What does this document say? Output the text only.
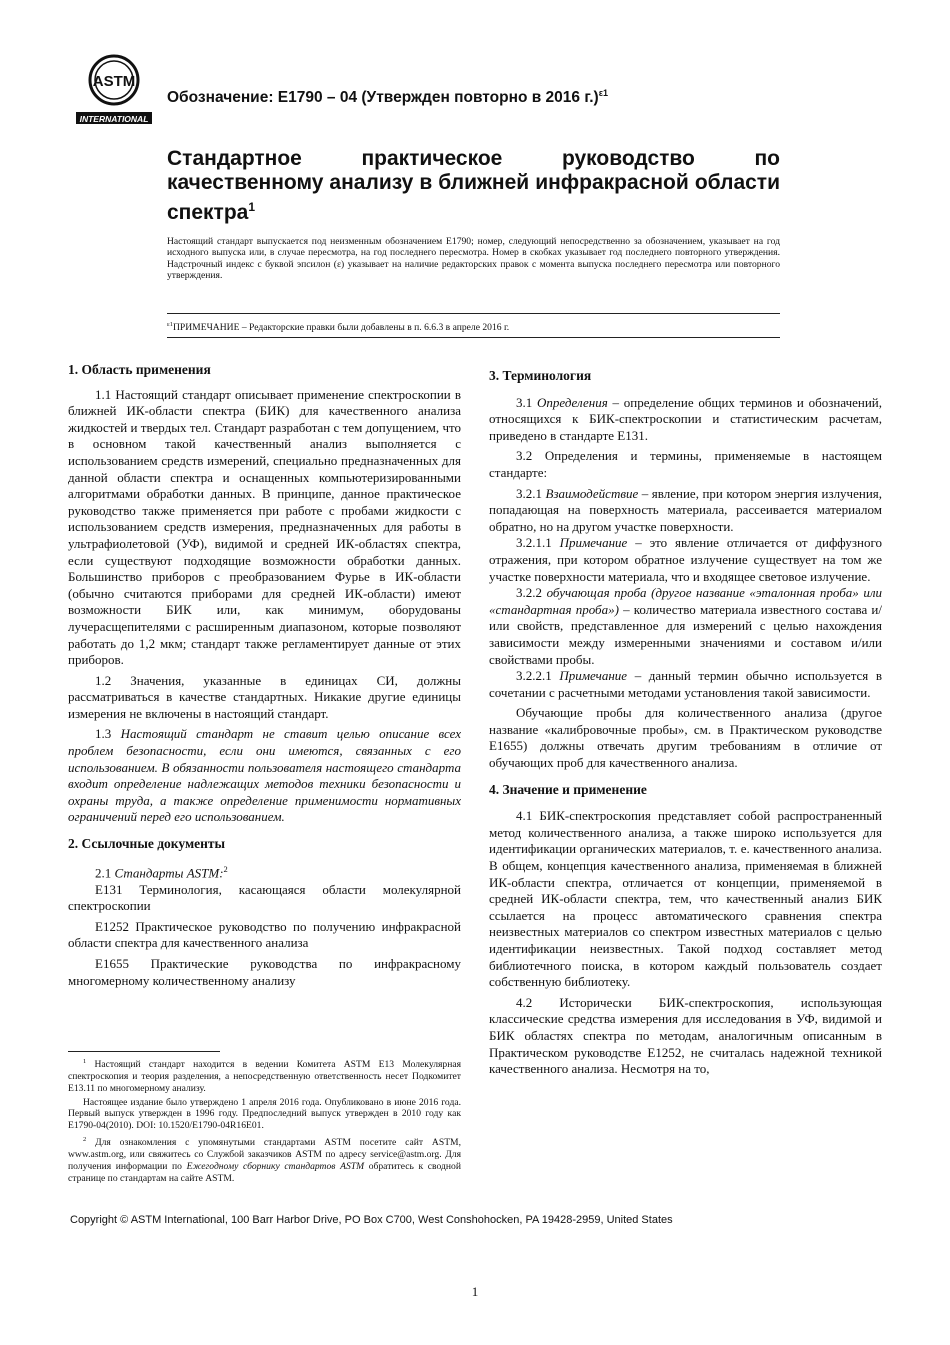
ASTM
INTERNATIONAL
Обозначение: E1790 – 04 (Утвержден повторно в 2016 г.)$^{\varepsilon 1}$
Стандартное практическое руководство по качественному анализу в ближней инфракрасной области спектра$^1$
Настоящий стандарт выпускается под неизменным обозначением E1790; номер, следующий непосредственно за обозначением, указывает на год исходного выпуска или, в случае пересмотра, на год последнего пересмотра. Номер в скобках указывает год последнего повторного утверждения. Надстрочный индекс с буквой эпсилон (ε) указывает на наличие редакторских правок с момента выпуска последнего пересмотра или повторного утверждения.
$^{\varepsilon 1}$ПРИМЕЧАНИЕ – Редакторские правки были добавлены в п. 6.6.3 в апреле 2016 г.
1. Область применения

1.1 Настоящий стандарт описывает применение спектроскопии в ближней ИК-области спектра (БИК) для качественного анализа жидкостей и твердых тел. Стандарт разработан с тем допущением, что в основном такой качественный анализ выполняется с использованием средств измерений, специально предназначенных для данной области спектра и оснащенных компьютеризированными алгоритмами обработки данных. В принципе, данное практическое руководство также применяется при работе с пробами жидкости с использованием средств измерения, предназначенных для работы в ультрафиолетовой (УФ), видимой и средней ИК-областях спектра, если существуют подходящие возможности обработки данных. Большинство приборов с преобразованием Фурье в ИК-области (обычно считаются приборами для средней ИК-области) имеют возможности БИК или, как минимум, оборудованы лучерасщепителями с расширенным диапазоном, которые позволяют работать до 1,2 мкм; стандарт также регламентирует данные от этих приборов.

1.2 Значения, указанные в единицах СИ, должны рассматриваться в качестве стандартных. Никакие другие единицы измерения не включены в настоящий стандарт.

1.3 Настоящий стандарт не ставит целью описание всех проблем безопасности, если они имеются, связанных с его использованием. В обязанности пользователя настоящего стандарта входит определение надлежащих методов техники безопасности и охраны труда, а также определение применимости нормативных ограничений перед его использованием.

2. Ссылочные документы

2.1 Стандарты ASTM:$^2$

E131 Терминология, касающаяся области молекулярной спектроскопии

E1252 Практическое руководство по получению инфракрасной области спектра для качественного анализа

E1655 Практические руководства по инфракрасному многомерному количественному анализу

$^1$ Настоящий стандарт находится в ведении Комитета ASTM E13 Молекулярная спектроскопия и теория разделения, а непосредственную ответственность несет Подкомитет E13.11 по многомерному анализу.

Настоящее издание было утверждено 1 апреля 2016 года. Опубликовано в июне 2016 года. Первый выпуск утвержден в 1996 году. Предпоследний выпуск утвержден в 2010 году как E1790-04(2010). DOI: 10.1520/E1790-04R16E01.

$^2$ Для ознакомления с упомянутыми стандартами ASTM посетите сайт ASTM, www.astm.org, или свяжитесь со Службой заказчиков ASTM по адресу service@astm.org. Для получения информации по Ежегодному сборнику стандартов ASTM обратитесь к сводной странице по стандартам на сайте ASTM.

3. Терминология

3.1 Определения – определение общих терминов и обозначений, относящихся к БИК-спектроскопии и статистическим расчетам, приведено в стандарте E131.

3.2 Определения и термины, применяемые в настоящем стандарте:

3.2.1 Взаимодействие – явление, при котором энергия излучения, попадающая на поверхность материала, рассеивается материалом обратно, но на другом участке поверхности.

3.2.1.1 Примечание – это явление отличается от диффузного отражения, при котором обратное излучение существует на том же участке поверхности материала, что и входящее световое излучение.

3.2.2 обучающая проба (другое название «эталонная проба» или «стандартная проба») – количество материала известного состава и/или свойств, представленное для измерений с целью нахождения зависимости между измеренными значениями и составом и/или свойствами пробы.

3.2.2.1 Примечание – данный термин обычно используется в сочетании с расчетными методами установления такой зависимости.

Обучающие пробы для количественного анализа (другое название «калибровочные пробы», см. в Практическом руководстве E1655) должны отвечать другим требованиям в отличие от обучающих проб для качественного анализа.

4. Значение и применение

4.1 БИК-спектроскопия представляет собой распространенный метод количественного анализа, а также широко используется для идентификации органических материалов, т. е. качественного анализа. В общем, концепция качественного анализа, применяемая в ближней ИК-области спектра, отличается от концепции, применяемой в средней ИК-области спектра, тем, что качественный анализ БИК ссылается на процесс автоматического сравнения спектра неизвестных материалов со спектром известных материалов с целью идентификации неизвестных. Такой подход составляет метод библиотечного поиска, в котором каждый пользователь создает собственную библиотеку.

4.2 Исторически БИК-спектроскопия, использующая классические средства измерения для исследования в УФ, видимой и БИК областях спектра по методам, аналогичным описанным в Практическом руководстве E1252, не считалась надежной техникой качественного анализа. Несмотря на то,

Copyright © ASTM International, 100 Barr Harbor Drive, PO Box C700, West Conshohocken, PA 19428-2959, United States
1
